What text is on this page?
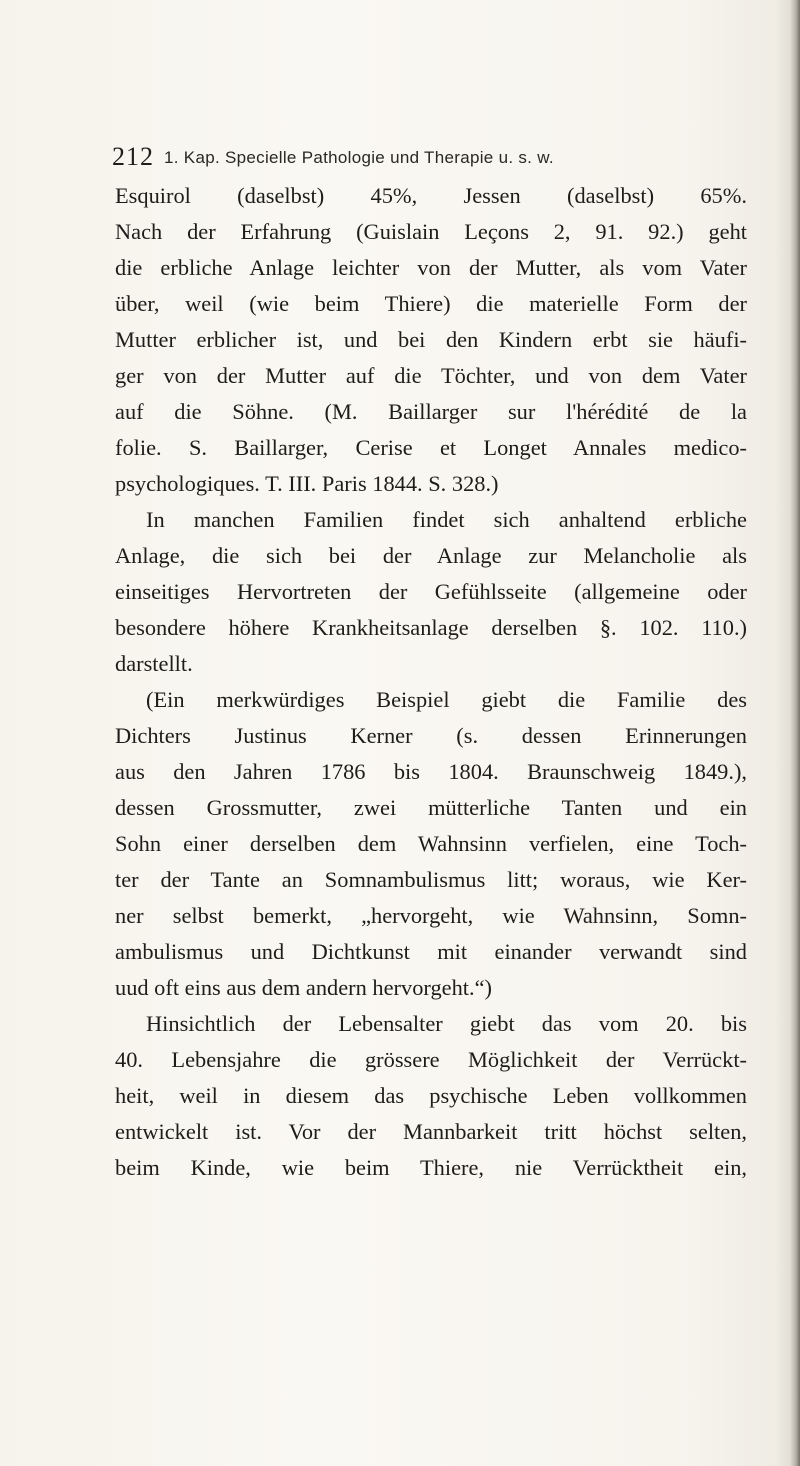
212 1. Kap. Specielle Pathologie und Therapie u. s. w.
Esquirol (daselbst) 45%, Jessen (daselbst) 65%.
Nach der Erfahrung (Guislain Leçons 2, 91. 92.) geht
die erbliche Anlage leichter von der Mutter, als vom Vater
über, weil (wie beim Thiere) die materielle Form der
Mutter erblicher ist, und bei den Kindern erbt sie häufi-
ger von der Mutter auf die Töchter, und von dem Vater
auf die Söhne. (M. Baillarger sur l'hérédité de la
folie. S. Baillarger, Cerise et Longet Annales medico-
psychologiques. T. III. Paris 1844. S. 328.)
In manchen Familien findet sich anhaltend erbliche
Anlage, die sich bei der Anlage zur Melancholie als
einseitiges Hervortreten der Gefühlsseite (allgemeine oder
besondere höhere Krankheitsanlage derselben §. 102. 110.)
darstellt.
(Ein merkwürdiges Beispiel giebt die Familie des
Dichters Justinus Kerner (s. dessen Erinnerungen
aus den Jahren 1786 bis 1804. Braunschweig 1849.),
dessen Grossmutter, zwei mütterliche Tanten und ein
Sohn einer derselben dem Wahnsinn verfielen, eine Toch-
ter der Tante an Somnambulismus litt; woraus, wie Ker-
ner selbst bemerkt, „hervorgeht, wie Wahnsinn, Somn-
ambulismus und Dichtkunst mit einander verwandt sind
uud oft eins aus dem andern hervorgeht.“)
Hinsichtlich der Lebensalter giebt das vom 20. bis
40. Lebensjahre die grössere Möglichkeit der Verrückt-
heit, weil in diesem das psychische Leben vollkommen
entwickelt ist. Vor der Mannbarkeit tritt höchst selten,
beim Kinde, wie beim Thiere, nie Verrücktheit ein,
